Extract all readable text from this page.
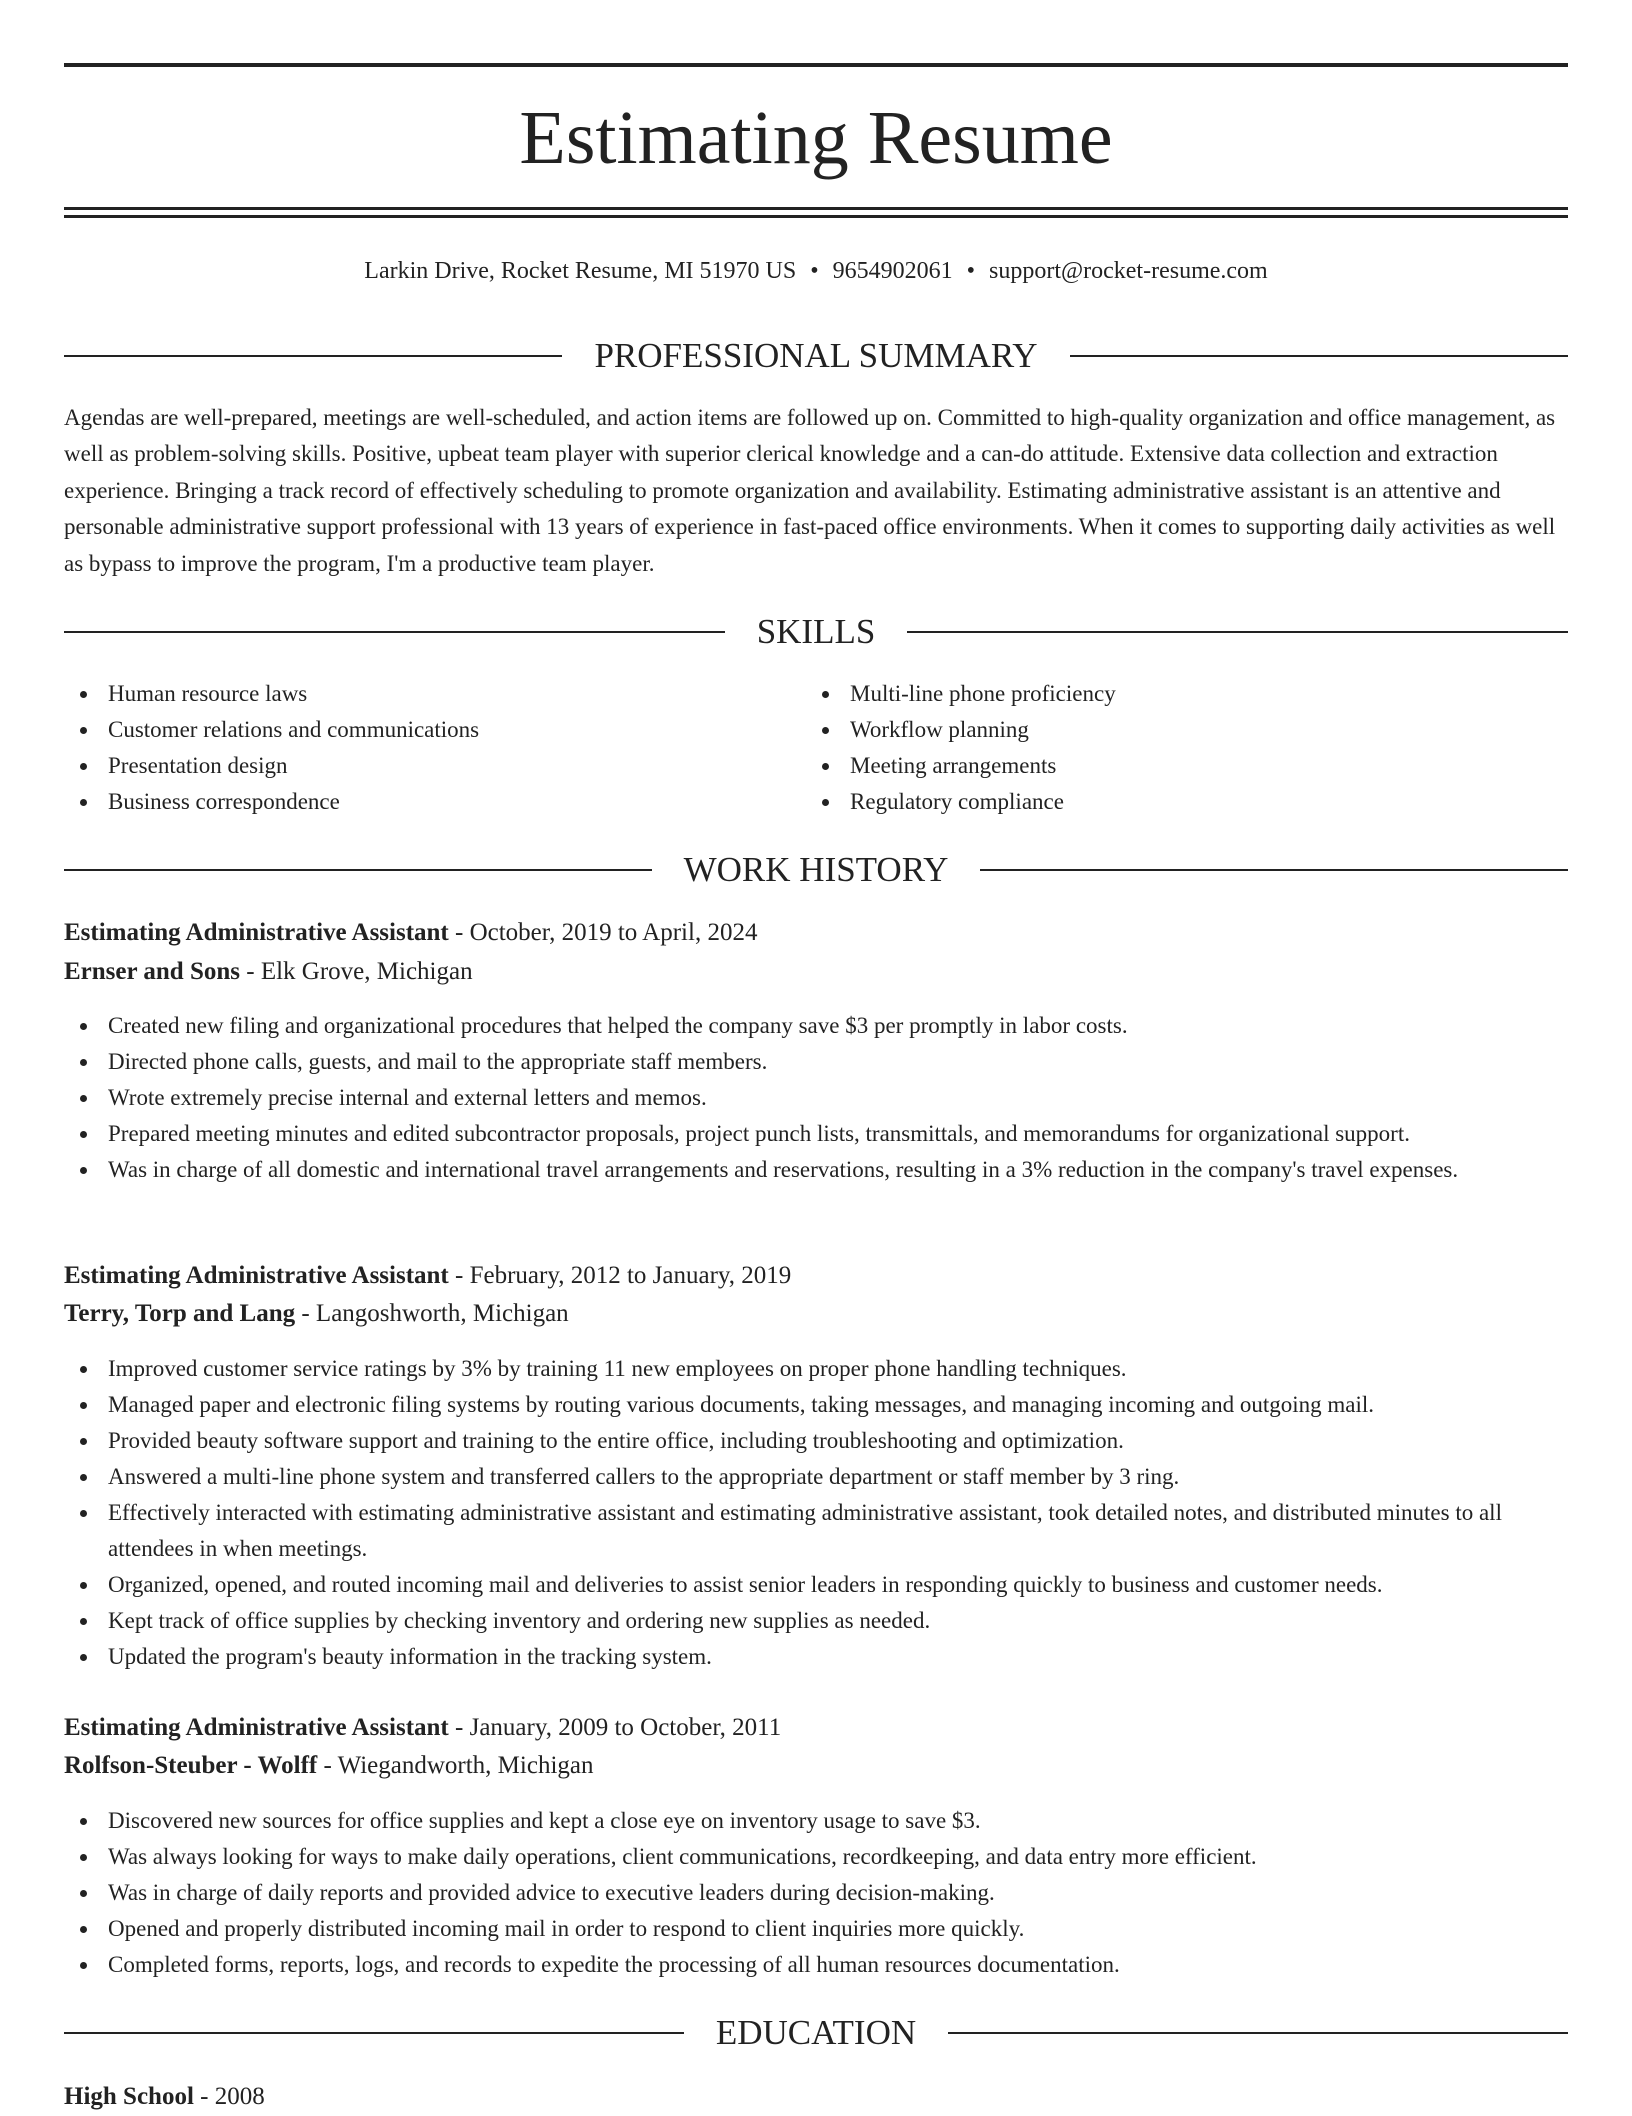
Estimating Resume
Larkin Drive, Rocket Resume, MI 51970 US • 9654902061 • support@rocket-resume.com
PROFESSIONAL SUMMARY
Agendas are well-prepared, meetings are well-scheduled, and action items are followed up on. Committed to high-quality organization and office management, as well as problem-solving skills. Positive, upbeat team player with superior clerical knowledge and a can-do attitude. Extensive data collection and extraction experience. Bringing a track record of effectively scheduling to promote organization and availability. Estimating administrative assistant is an attentive and personable administrative support professional with 13 years of experience in fast-paced office environments. When it comes to supporting daily activities as well as bypass to improve the program, I'm a productive team player.
SKILLS
Human resource laws
Customer relations and communications
Presentation design
Business correspondence
Multi-line phone proficiency
Workflow planning
Meeting arrangements
Regulatory compliance
WORK HISTORY
Estimating Administrative Assistant - October, 2019 to April, 2024
Ernser and Sons - Elk Grove, Michigan
Created new filing and organizational procedures that helped the company save $3 per promptly in labor costs.
Directed phone calls, guests, and mail to the appropriate staff members.
Wrote extremely precise internal and external letters and memos.
Prepared meeting minutes and edited subcontractor proposals, project punch lists, transmittals, and memorandums for organizational support.
Was in charge of all domestic and international travel arrangements and reservations, resulting in a 3% reduction in the company's travel expenses.
Estimating Administrative Assistant - February, 2012 to January, 2019
Terry, Torp and Lang - Langoshworth, Michigan
Improved customer service ratings by 3% by training 11 new employees on proper phone handling techniques.
Managed paper and electronic filing systems by routing various documents, taking messages, and managing incoming and outgoing mail.
Provided beauty software support and training to the entire office, including troubleshooting and optimization.
Answered a multi-line phone system and transferred callers to the appropriate department or staff member by 3 ring.
Effectively interacted with estimating administrative assistant and estimating administrative assistant, took detailed notes, and distributed minutes to all attendees in when meetings.
Organized, opened, and routed incoming mail and deliveries to assist senior leaders in responding quickly to business and customer needs.
Kept track of office supplies by checking inventory and ordering new supplies as needed.
Updated the program's beauty information in the tracking system.
Estimating Administrative Assistant - January, 2009 to October, 2011
Rolfson-Steuber - Wolff - Wiegandworth, Michigan
Discovered new sources for office supplies and kept a close eye on inventory usage to save $3.
Was always looking for ways to make daily operations, client communications, recordkeeping, and data entry more efficient.
Was in charge of daily reports and provided advice to executive leaders during decision-making.
Opened and properly distributed incoming mail in order to respond to client inquiries more quickly.
Completed forms, reports, logs, and records to expedite the processing of all human resources documentation.
EDUCATION
High School - 2008
